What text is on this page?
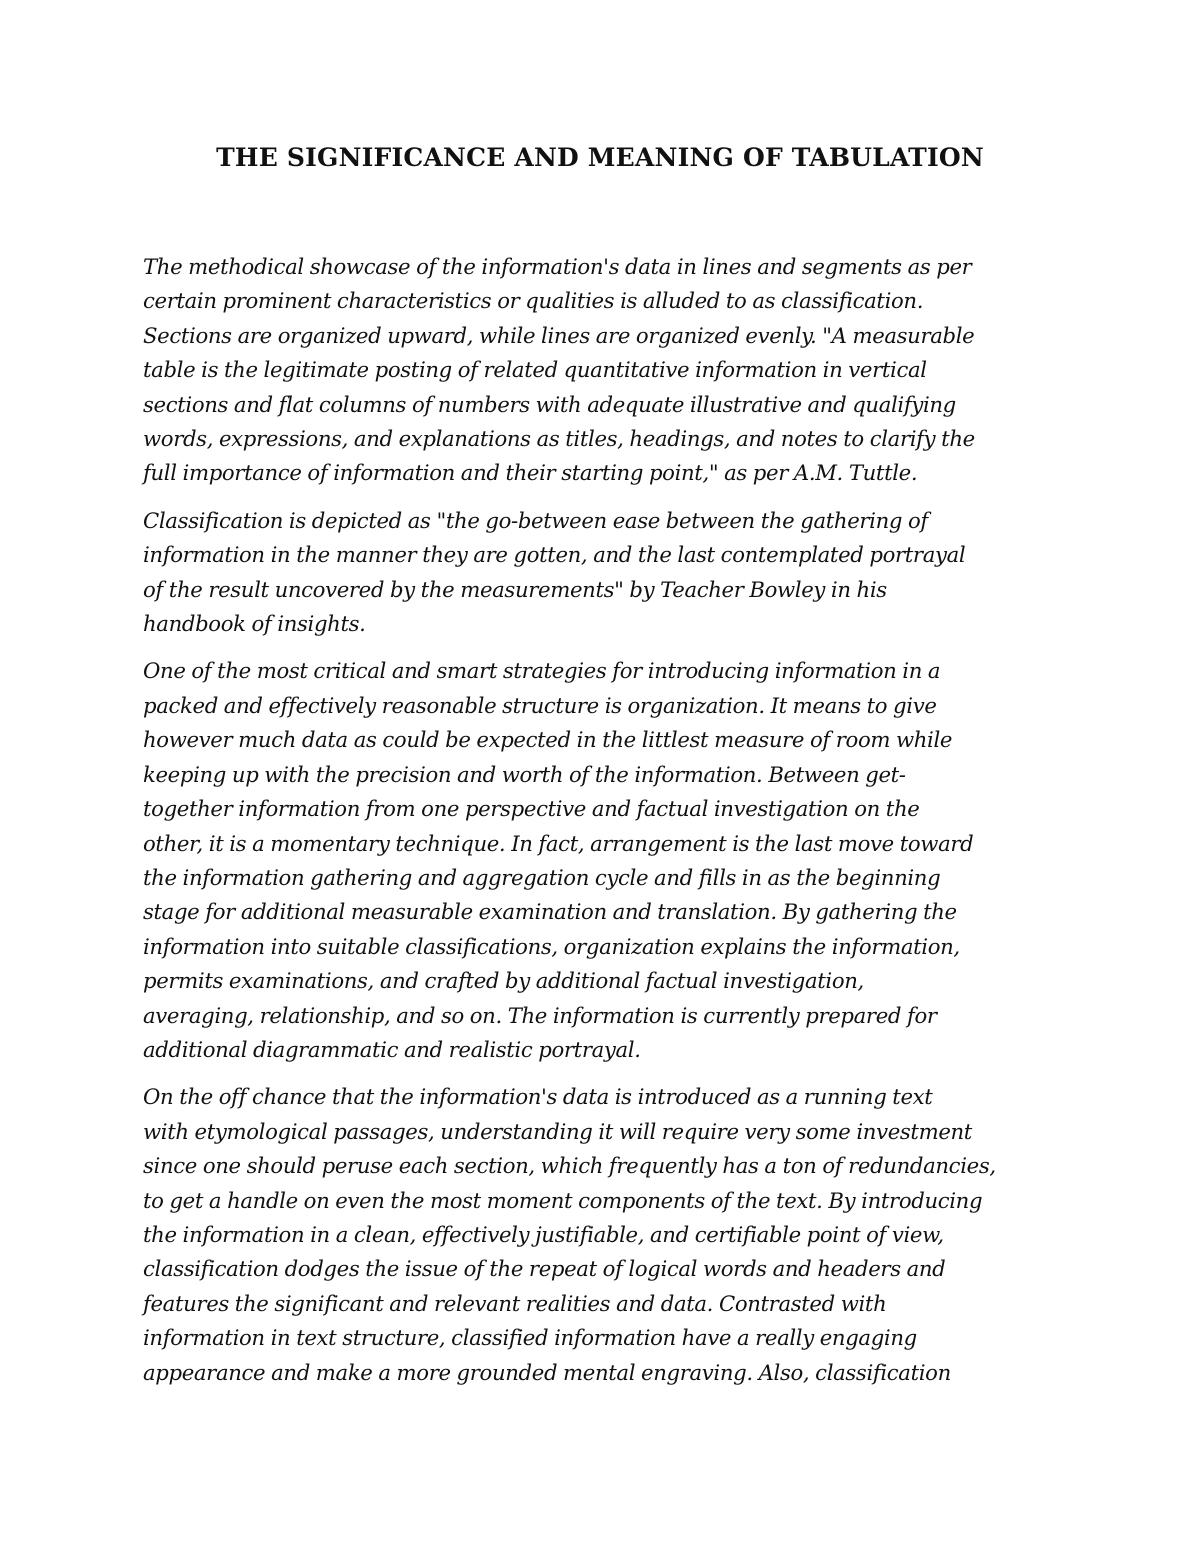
THE SIGNIFICANCE AND MEANING OF TABULATION

The methodical showcase of the information's data in lines and segments as per
certain prominent characteristics or qualities is alluded to as classification.
Sections are organized upward, while lines are organized evenly. "A measurable
table is the legitimate posting of related quantitative information in vertical
sections and flat columns of numbers with adequate illustrative and qualifying
words, expressions, and explanations as titles, headings, and notes to clarify the
full importance of information and their starting point," as per A.M. Tuttle.

Classification is depicted as "the go-between ease between the gathering of
information in the manner they are gotten, and the last contemplated portrayal
of the result uncovered by the measurements" by Teacher Bowley in his
handbook of insights.

One of the most critical and smart strategies for introducing information in a
packed and effectively reasonable structure is organization. It means to give
however much data as could be expected in the littlest measure of room while
keeping up with the precision and worth of the information. Between get-
together information from one perspective and factual investigation on the
other, it is a momentary technique. In fact, arrangement is the last move toward
the information gathering and aggregation cycle and fills in as the beginning
stage for additional measurable examination and translation. By gathering the
information into suitable classifications, organization explains the information,
permits examinations, and crafted by additional factual investigation,
averaging, relationship, and so on. The information is currently prepared for
additional diagrammatic and realistic portrayal.

On the off chance that the information's data is introduced as a running text
with etymological passages, understanding it will require very some investment
since one should peruse each section, which frequently has a ton of redundancies,
to get a handle on even the most moment components of the text. By introducing
the information in a clean, effectively justifiable, and certifiable point of view,
classification dodges the issue of the repeat of logical words and headers and
features the significant and relevant realities and data. Contrasted with
information in text structure, classified information have a really engaging
appearance and make a more grounded mental engraving. Also, classification
